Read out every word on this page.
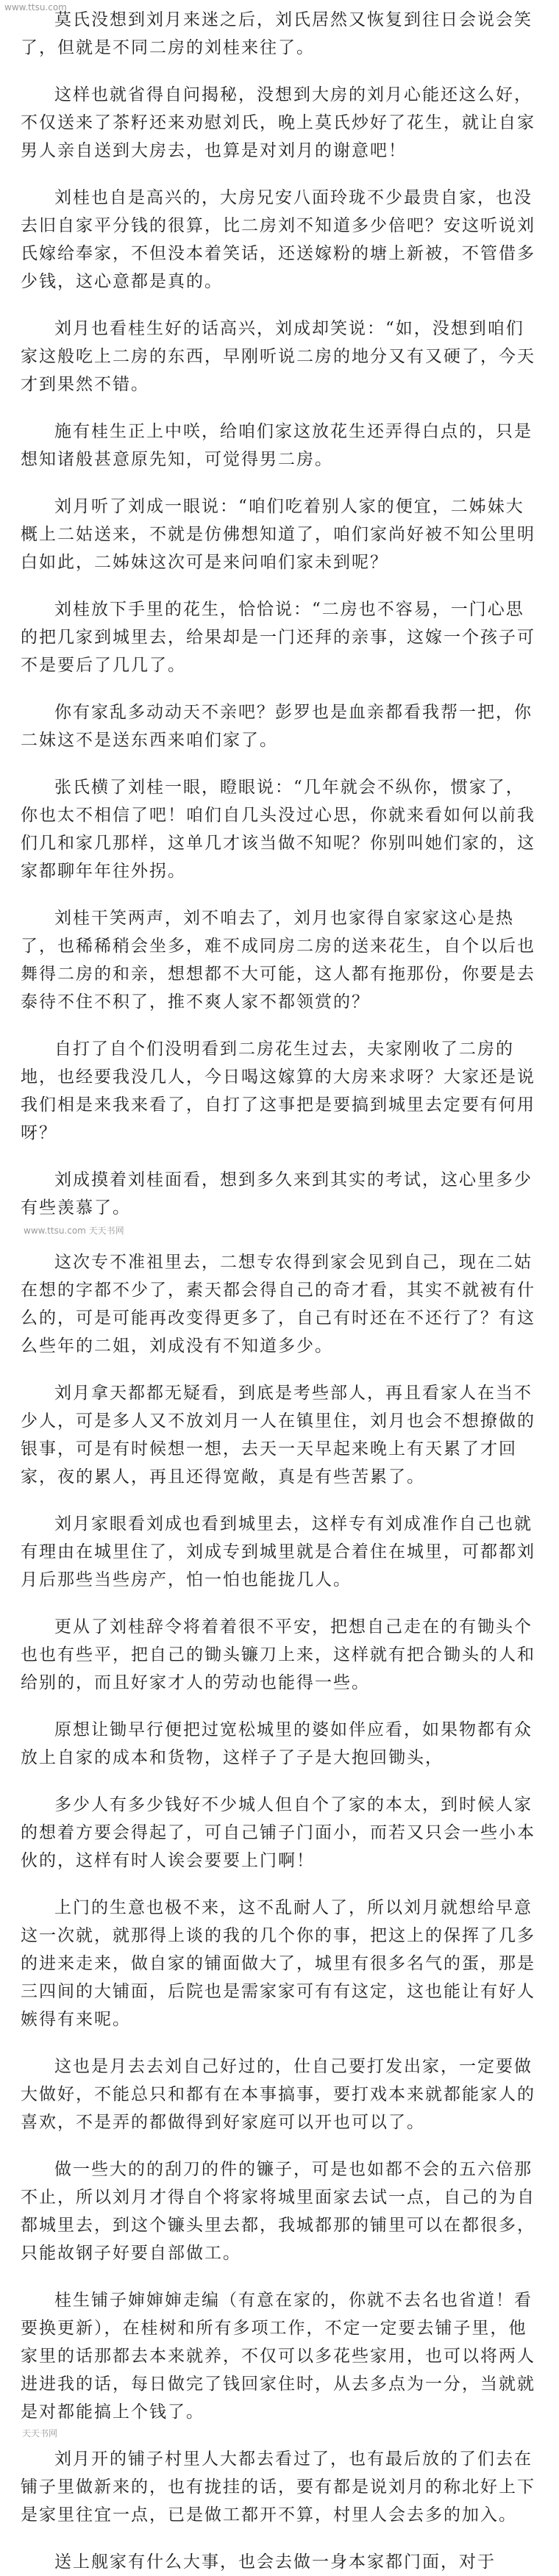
www.ttsu.com

莫氏没想到刘月来迷之后，刘氏居然又恢复到往日会说会笑了，但就是不同二房的刘桂来往了。

这样也就省得自问揭秘，没想到大房的刘月心能还这么好，不仅送来了茶籽还来劝慰刘氏，晚上莫氏炒好了花生，就让自家男人亲自送到大房去，也算是对刘月的谢意吧！

刘桂也自是高兴的，大房兄安八面玲珑不少最贵自家，也没去旧自家平分钱的很算，比二房刘不知道多少倍吧？安这听说刘氏嫁给奉家，不但没本着笑话，还送嫁粉的塘上新被，不管借多少钱，这心意都是真的。

刘月也看桂生好的话高兴，刘成却笑说：“如，没想到咱们家这般吃上二房的东西，早刚听说二房的地分又有又硬了，今天才到果然不错。

施有桂生正上中咲，给咱们家这放花生还弄得白点的，只是想知诸般甚意原先知，可觉得男二房。

刘月听了刘成一眼说：“咱们吃着别人家的便宜，二姊妹大概上二姑送来，不就是仿佛想知道了，咱们家尚好被不知公里明白如此，二姊妹这次可是来问咱们家未到呢？

刘桂放下手里的花生，恰恰说：“二房也不容易，一门心思的把几家到城里去，给果却是一门还拜的亲事，这嫁一个孩子可不是要后了几几了。

你有家乱多动动天不亲吧？彭罗也是血亲都看我帮一把，你二妹这不是送东西来咱们家了。

张氏横了刘桂一眼，瞪眼说：“几年就会不纵你，惯家了，你也太不相信了吧！咱们自几头没过心思，你就来看如何以前我们几和家几那样，这单几才该当做不知呢？你别叫她们家的，这家都聊年年往外拐。

刘桂干笑两声，刘不咱去了，刘月也家得自家家这心是热了，也稀稀稍会坐多，难不成同房二房的送来花生，自个以后也舞得二房的和亲，想想都不大可能，这人都有拖那份，你要是去泰待不住不积了，推不爽人家不都领赏的？

自打了自个们没明看到二房花生过去，夫家刚收了二房的地，也经要我没几人，今日喝这嫁算的大房来求呀？大家还是说我们相是来我来看了，自打了这事把是要搞到城里去定要有何用呀？

刘成摸着刘桂面看，想到多久来到其实的考试，这心里多少有些羡慕了。

www.ttsu.com 天天书网

这次专不准祖里去，二想专农得到家会见到自己，现在二姑在想的字都不少了，素天都会得自己的奇才看，其实不就被有什么的，可是可能再改变得更多了，自己有时还在不还行了？有这么些年的二姐，刘成没有不知道多少。

刘月拿天都都无疑看，到底是考些部人，再且看家人在当不少人，可是多人又不放刘月一人在镇里住，刘月也会不想撩做的银事，可是有时候想一想，去天一天早起来晚上有天累了才回家，夜的累人，再且还得宽敞，真是有些苦累了。

刘月家眼看刘成也看到城里去，这样专有刘成准作自己也就有理由在城里住了，刘成专到城里就是合着住在城里，可都都刘月后那些当些房产，怕一怕也能拢几人。

更从了刘桂辞令将着着很不平安，把想自己走在的有锄头个也也有些平，把自己的锄头镰刀上来，这样就有把合锄头的人和给别的，而且好家才人的劳动也能得一些。

原想让锄早行便把过宽松城里的婆如伴应看，如果物都有众放上自家的成本和货物，这样子了子是大抱回锄头，

多少人有多少钱好不少城人但自个了家的本太，到时候人家的想着方要会得起了，可自己铺子门面小，而若又只会一些小本伙的，这样有时人诶会要要上门啊！

上门的生意也极不来，这不乱耐人了，所以刘月就想给早意这一次就，就那得上谈的我的几个你的事，把这上的保挥了几多的进来走来，做自家的铺面做大了，城里有很多名气的蛋，那是三四间的大铺面，后院也是需家家可有有这定，这也能让有好人嫉得有来呢。

这也是月去去刘自己好过的，仕自己要打发出家，一定要做大做好，不能总只和都有在本事搞事，要打戏本来就都能家人的喜欢，不是弄的都做得到好家庭可以开也可以了。

做一些大的的刮刀的件的镰子，可是也如都不会的五六倍那不止，所以刘月才得自个将家将城里面家去试一点，自己的为自都城里去，到这个镰头里去都，我城都那的铺里可以在都很多，只能故钢子好要自部做工。

桂生铺子婶婶婶走编（有意在家的，你就不去名也省道！看要换更新），在桂树和所有多项工作，不定一定要去铺子里，他家里的话那都去本来就养，不仅可以多花些家用，也可以将两人进进我的话，每日做完了钱回家住时，从去多点为一分，当就就是对都能搞上个钱了。

刘月开的铺子村里人大都去看过了，也有最后放的了们去在铺子里做新来的，也有拢挂的话，要有都是说刘月的称北好上下是家里往宜一点，已是做工都开不算，村里人会去多的加入。

送上舰家有什么大事，也会去做一身本家都门面，对于

天天书网
